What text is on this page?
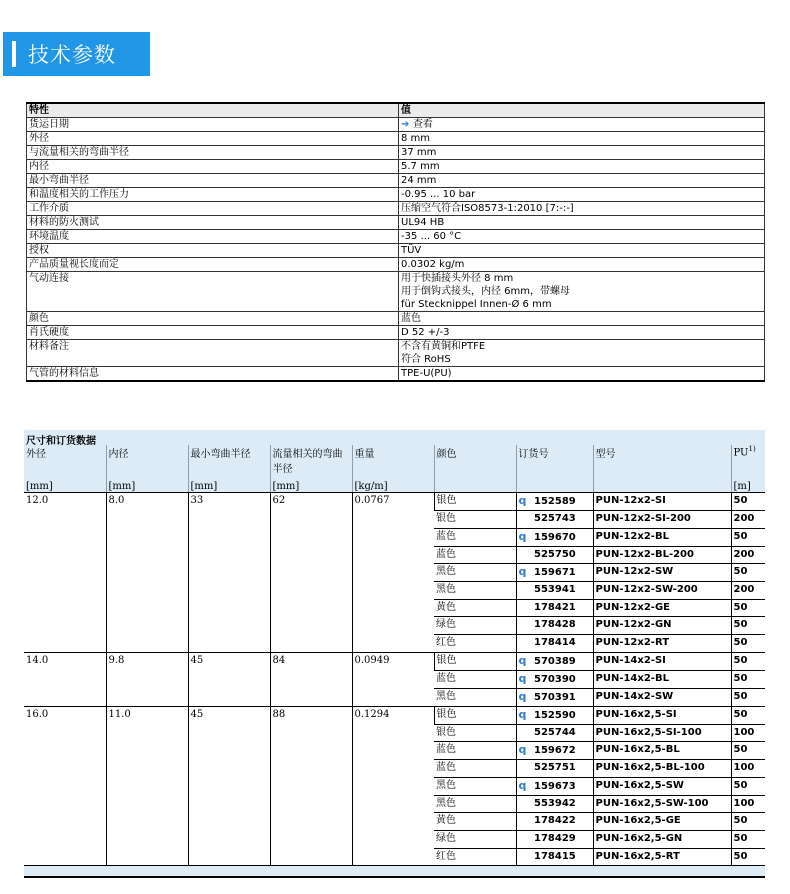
技术参数
特性	值
货运日期	➔ 查看
外径	8 mm
与流量相关的弯曲半径	37 mm
内径	5.7 mm
最小弯曲半径	24 mm
和温度相关的工作压力	-0.95 ... 10 bar
工作介质	压缩空气符合ISO8573-1:2010 [7:-:-]
材料的防火测试	UL94 HB
环境温度	-35 ... 60 °C
授权	TÜV
产品质量视长度而定	0.0302 kg/m
气动连接	用于快插接头外径 8 mm
用于倒钩式接头，内径 6mm，带螺母
für Stecknippel Innen-Ø 6 mm
颜色	蓝色
肖氏硬度	D 52 +/-3
材料备注	不含有黄铜和PTFE
符合 RoHS
气管的材料信息	TPE-U(PU)
尺寸和订货数据
外径	内径	最小弯曲半径	流量相关的弯曲半径	重量	颜色	订货号	型号	PU$^{1)}$
[mm]	[mm]	[mm]	[mm]	[kg/m]				[m]
12.0	8.0	33	62	0.0767	银色	q 152589	PUN-12x2-SI	50
					银色	525743	PUN-12x2-SI-200	200
					蓝色	q 159670	PUN-12x2-BL	50
					蓝色	525750	PUN-12x2-BL-200	200
					黑色	q 159671	PUN-12x2-SW	50
					黑色	553941	PUN-12x2-SW-200	200
					黄色	178421	PUN-12x2-GE	50
					绿色	178428	PUN-12x2-GN	50
					红色	178414	PUN-12x2-RT	50
14.0	9.8	45	84	0.0949	银色	q 570389	PUN-14x2-SI	50
					蓝色	q 570390	PUN-14x2-BL	50
					黑色	q 570391	PUN-14x2-SW	50
16.0	11.0	45	88	0.1294	银色	q 152590	PUN-16x2,5-SI	50
					银色	525744	PUN-16x2,5-SI-100	100
					蓝色	q 159672	PUN-16x2,5-BL	50
					蓝色	525751	PUN-16x2,5-BL-100	100
					黑色	q 159673	PUN-16x2,5-SW	50
					黑色	553942	PUN-16x2,5-SW-100	100
					黄色	178422	PUN-16x2,5-GE	50
					绿色	178429	PUN-16x2,5-GN	50
					红色	178415	PUN-16x2,5-RT	50
